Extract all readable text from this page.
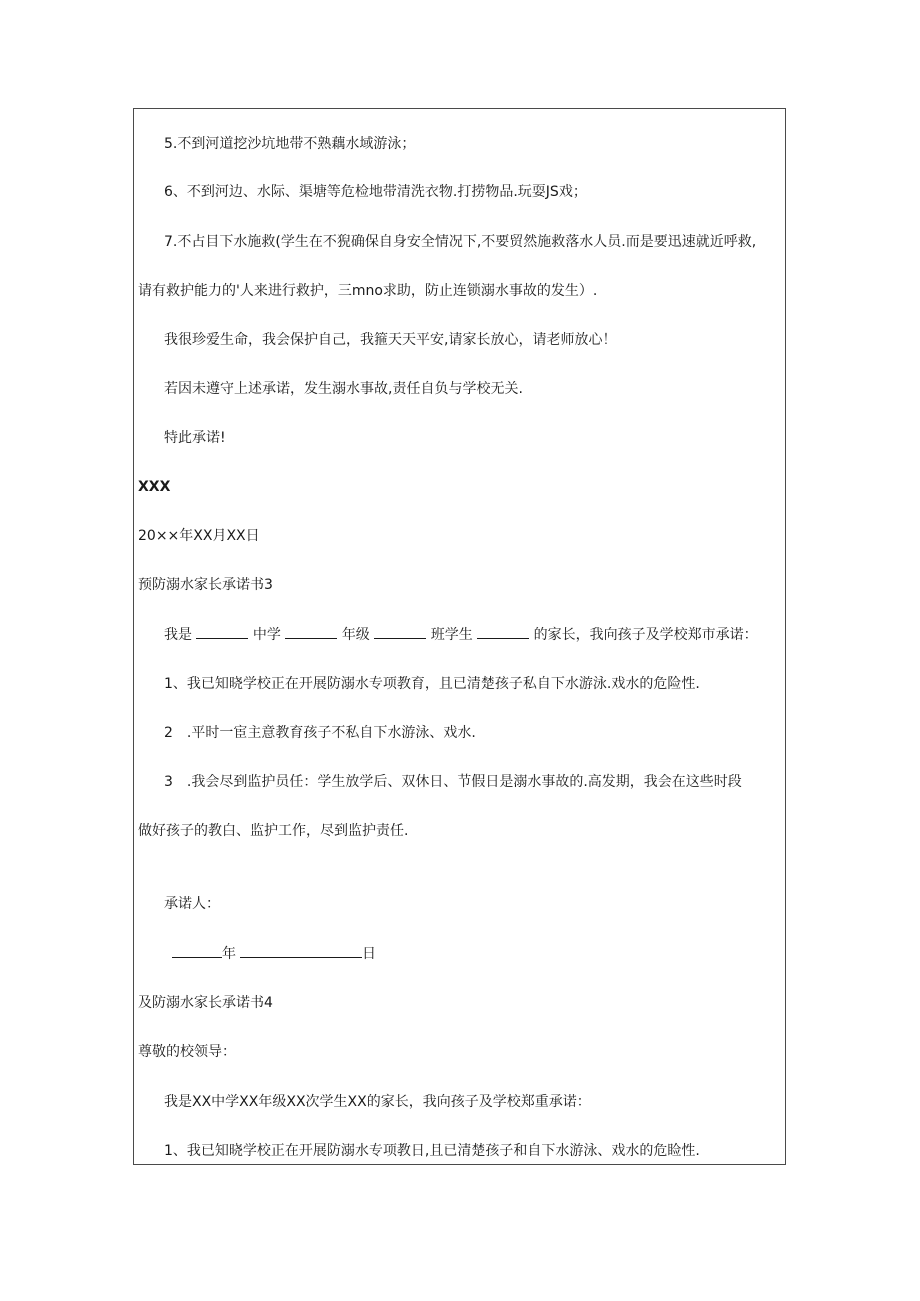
5.不到河道挖沙坑地带不熟藕水域游泳；
6、不到河边、水际、渠塘等危检地带清洗衣物.打捞物品.玩耍JS戏；
7.不占目下水施救(学生在不猊确保自身安全情况下,不要贸然施救落水人员.而是要迅速就近呼救,
请有救护能力的'人来进行救护，三mno求助，防止连锁溺水事故的发生）.
我很珍爱生命，我会保护自己，我箍天天平安,请家长放心，请老师放心！
若因未遵守上述承诺，发生溺水事故,责任自负与学校无关.
特此承诺!
XXX
20××年XX月XX日
预防溺水家长承诺书3
我是	中学	年级	班学生	的家长，我向孩子及学校郑市承诺：
1、我已知晓学校正在开展防溺水专项教育，且已清楚孩子私自下水游泳.戏水的危险性.
2　.平时一宦主意教育孩子不私自下水游泳、戏水.
3　.我会尽到监护员任：学生放学后、双休日、节假日是溺水事故的.高发期，我会在这些时段
做好孩子的教白、监护工作，尽到监护责任.
承诺人：
年	日
及防溺水家长承诺书4
尊敬的校领导：
我是XX中学XX年级XX次学生XX的家长，我向孩子及学校郑重承诺：
1、我已知晓学校正在开展防溺水专项教日,且已清楚孩子和自下水游泳、戏水的危睑性.
